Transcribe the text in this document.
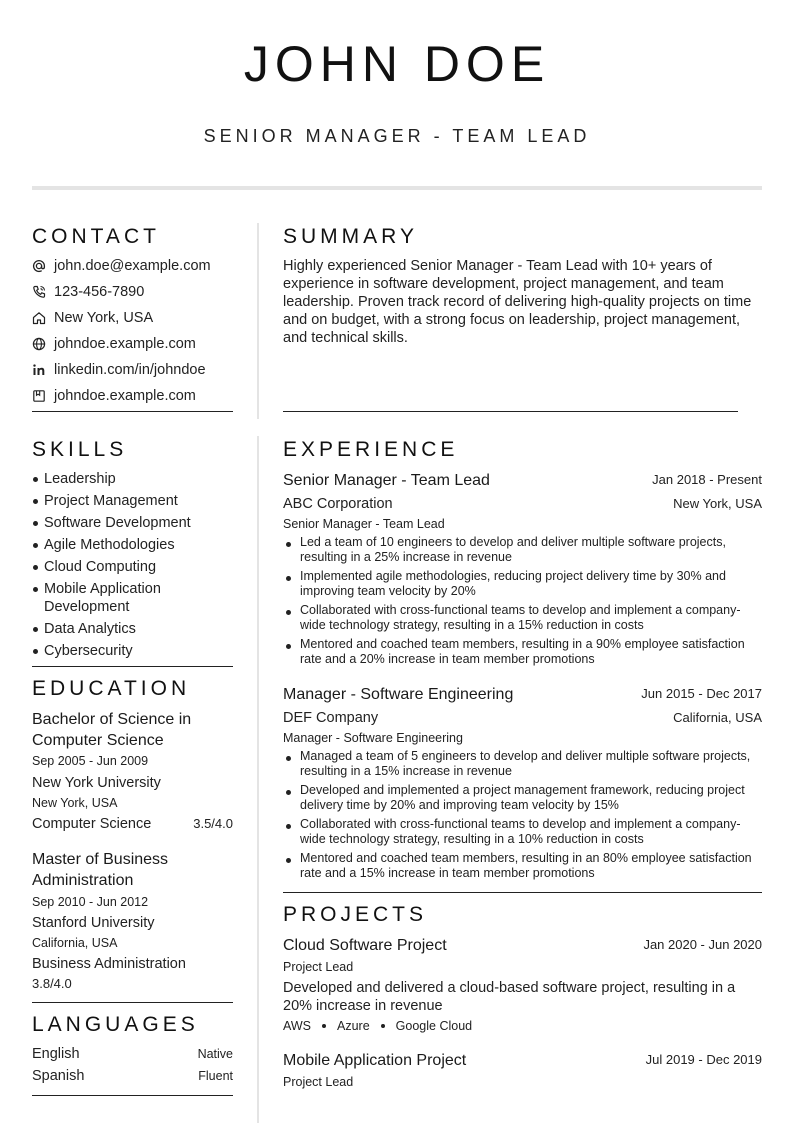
JOHN DOE
SENIOR MANAGER - TEAM LEAD
CONTACT
john.doe@example.com
123-456-7890
New York, USA
johndoe.example.com
linkedin.com/in/johndoe
johndoe.example.com
SKILLS
Leadership
Project Management
Software Development
Agile Methodologies
Cloud Computing
Mobile Application Development
Data Analytics
Cybersecurity
EDUCATION
Bachelor of Science in Computer Science
Sep 2005 - Jun 2009
New York University
New York, USA
Computer Science	3.5/4.0
Master of Business Administration
Sep 2010 - Jun 2012
Stanford University
California, USA
Business Administration
3.8/4.0
LANGUAGES
English	Native
Spanish	Fluent
SUMMARY
Highly experienced Senior Manager - Team Lead with 10+ years of experience in software development, project management, and team leadership. Proven track record of delivering high-quality projects on time and on budget, with a strong focus on leadership, project management, and technical skills.
EXPERIENCE
Senior Manager - Team Lead	Jan 2018 - Present
ABC Corporation	New York, USA
Senior Manager - Team Lead
Led a team of 10 engineers to develop and deliver multiple software projects, resulting in a 25% increase in revenue
Implemented agile methodologies, reducing project delivery time by 30% and improving team velocity by 20%
Collaborated with cross-functional teams to develop and implement a company-wide technology strategy, resulting in a 15% reduction in costs
Mentored and coached team members, resulting in a 90% employee satisfaction rate and a 20% increase in team member promotions
Manager - Software Engineering	Jun 2015 - Dec 2017
DEF Company	California, USA
Manager - Software Engineering
Managed a team of 5 engineers to develop and deliver multiple software projects, resulting in a 15% increase in revenue
Developed and implemented a project management framework, reducing project delivery time by 20% and improving team velocity by 15%
Collaborated with cross-functional teams to develop and implement a company-wide technology strategy, resulting in a 10% reduction in costs
Mentored and coached team members, resulting in an 80% employee satisfaction rate and a 15% increase in team member promotions
PROJECTS
Cloud Software Project	Jan 2020 - Jun 2020
Project Lead
Developed and delivered a cloud-based software project, resulting in a 20% increase in revenue
AWS Azure Google Cloud
Mobile Application Project	Jul 2019 - Dec 2019
Project Lead
